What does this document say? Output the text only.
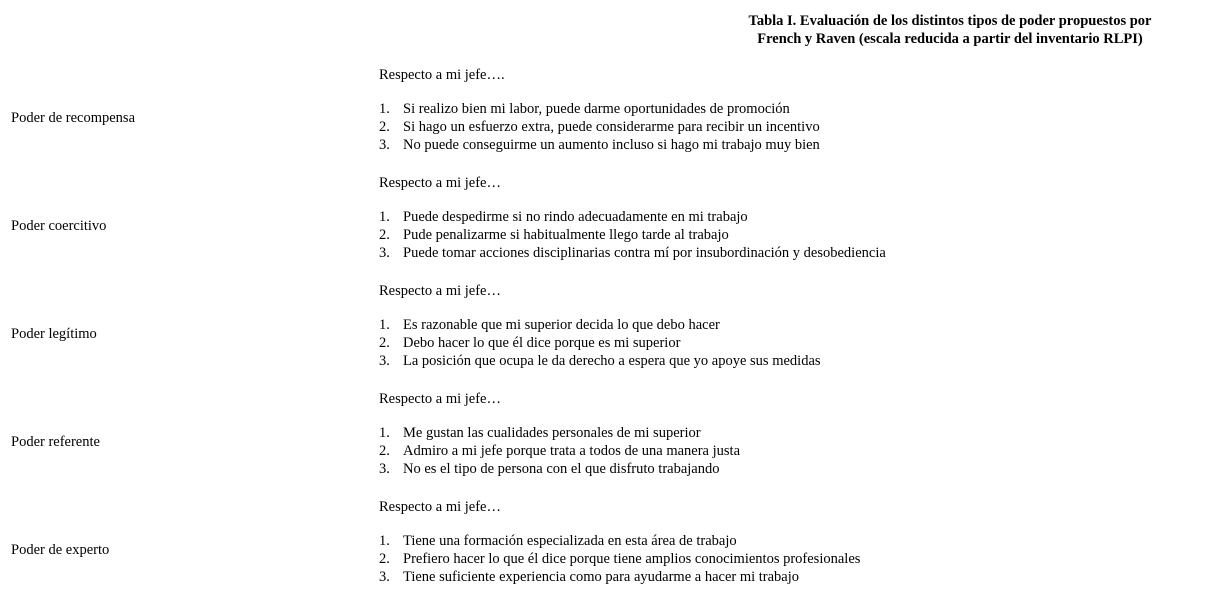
Tabla I. Evaluación de los distintos tipos de poder propuestos por
French y Raven (escala reducida a partir del inventario RLPI)
Poder de recompensa
Respecto a mi jefe….
1. Si realizo bien mi labor, puede darme oportunidades de promoción
2. Si hago un esfuerzo extra, puede considerarme para recibir un incentivo
3. No puede conseguirme un aumento incluso si hago mi trabajo muy bien
Poder coercitivo
Respecto a mi jefe…
1. Puede despedirme si no rindo adecuadamente en mi trabajo
2. Pude penalizarme si habitualmente llego tarde al trabajo
3. Puede tomar acciones disciplinarias contra mí por insubordinación y desobediencia
Poder legítimo
Respecto a mi jefe…
1. Es razonable que mi superior decida lo que debo hacer
2. Debo hacer lo que él dice porque es mi superior
3. La posición que ocupa le da derecho a espera que yo apoye sus medidas
Poder referente
Respecto a mi jefe…
1. Me gustan las cualidades personales de mi superior
2. Admiro a mi jefe porque trata a todos de una manera justa
3. No es el tipo de persona con el que disfruto trabajando
Poder de experto
Respecto a mi jefe…
1. Tiene una formación especializada en esta área de trabajo
2. Prefiero hacer lo que él dice porque tiene amplios conocimientos profesionales
3. Tiene suficiente experiencia como para ayudarme a hacer mi trabajo
